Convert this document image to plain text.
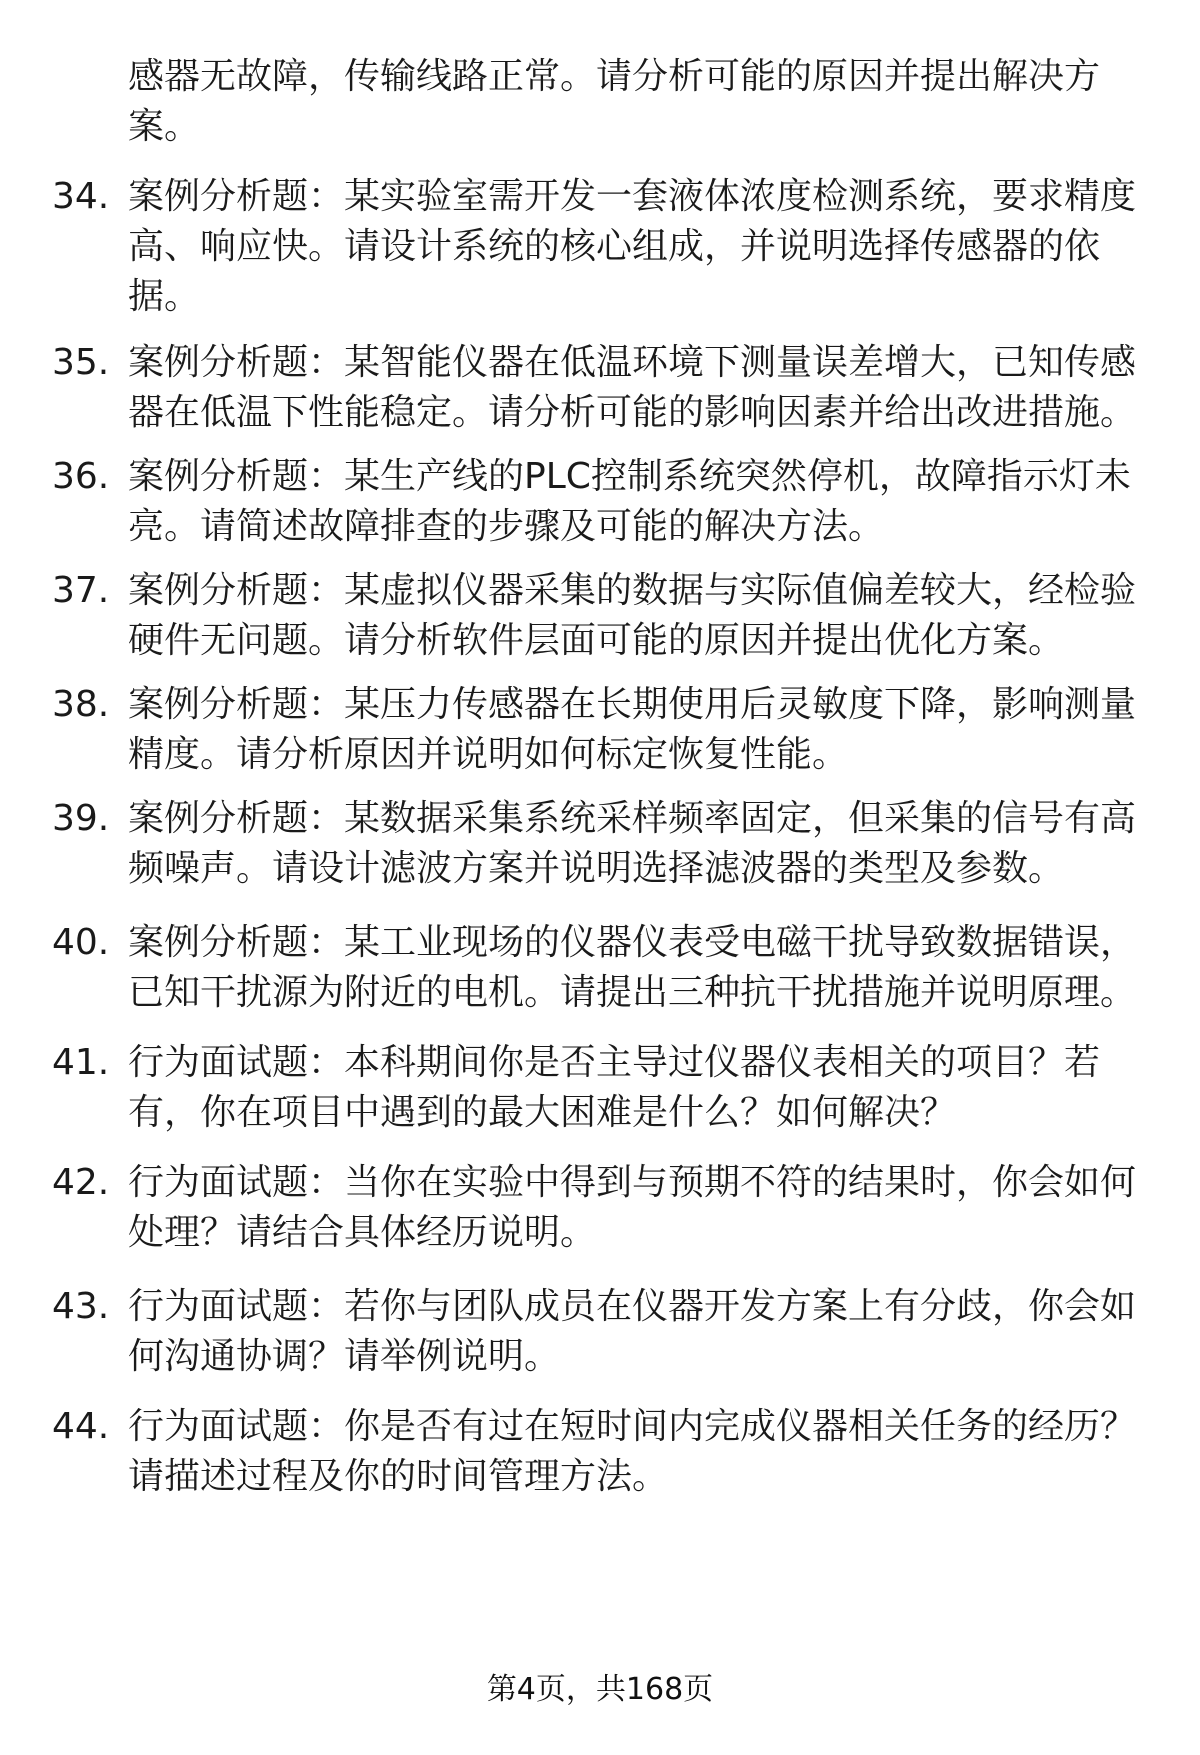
感器无故障，传输线路正常。请分析可能的原因并提出解决方案。
34. 案例分析题：某实验室需开发一套液体浓度检测系统，要求精度高、响应快。请设计系统的核心组成，并说明选择传感器的依据。
35. 案例分析题：某智能仪器在低温环境下测量误差增大，已知传感器在低温下性能稳定。请分析可能的影响因素并给出改进措施。
36. 案例分析题：某生产线的PLC控制系统突然停机，故障指示灯未亮。请简述故障排查的步骤及可能的解决方法。
37. 案例分析题：某虚拟仪器采集的数据与实际值偏差较大，经检验硬件无问题。请分析软件层面可能的原因并提出优化方案。
38. 案例分析题：某压力传感器在长期使用后灵敏度下降，影响测量精度。请分析原因并说明如何标定恢复性能。
39. 案例分析题：某数据采集系统采样频率固定，但采集的信号有高频噪声。请设计滤波方案并说明选择滤波器的类型及参数。
40. 案例分析题：某工业现场的仪器仪表受电磁干扰导致数据错误，已知干扰源为附近的电机。请提出三种抗干扰措施并说明原理。
41. 行为面试题：本科期间你是否主导过仪器仪表相关的项目？若有，你在项目中遇到的最大困难是什么？如何解决？
42. 行为面试题：当你在实验中得到与预期不符的结果时，你会如何处理？请结合具体经历说明。
43. 行为面试题：若你与团队成员在仪器开发方案上有分歧，你会如何沟通协调？请举例说明。
44. 行为面试题：你是否有过在短时间内完成仪器相关任务的经历？请描述过程及你的时间管理方法。
第4页，共168页
